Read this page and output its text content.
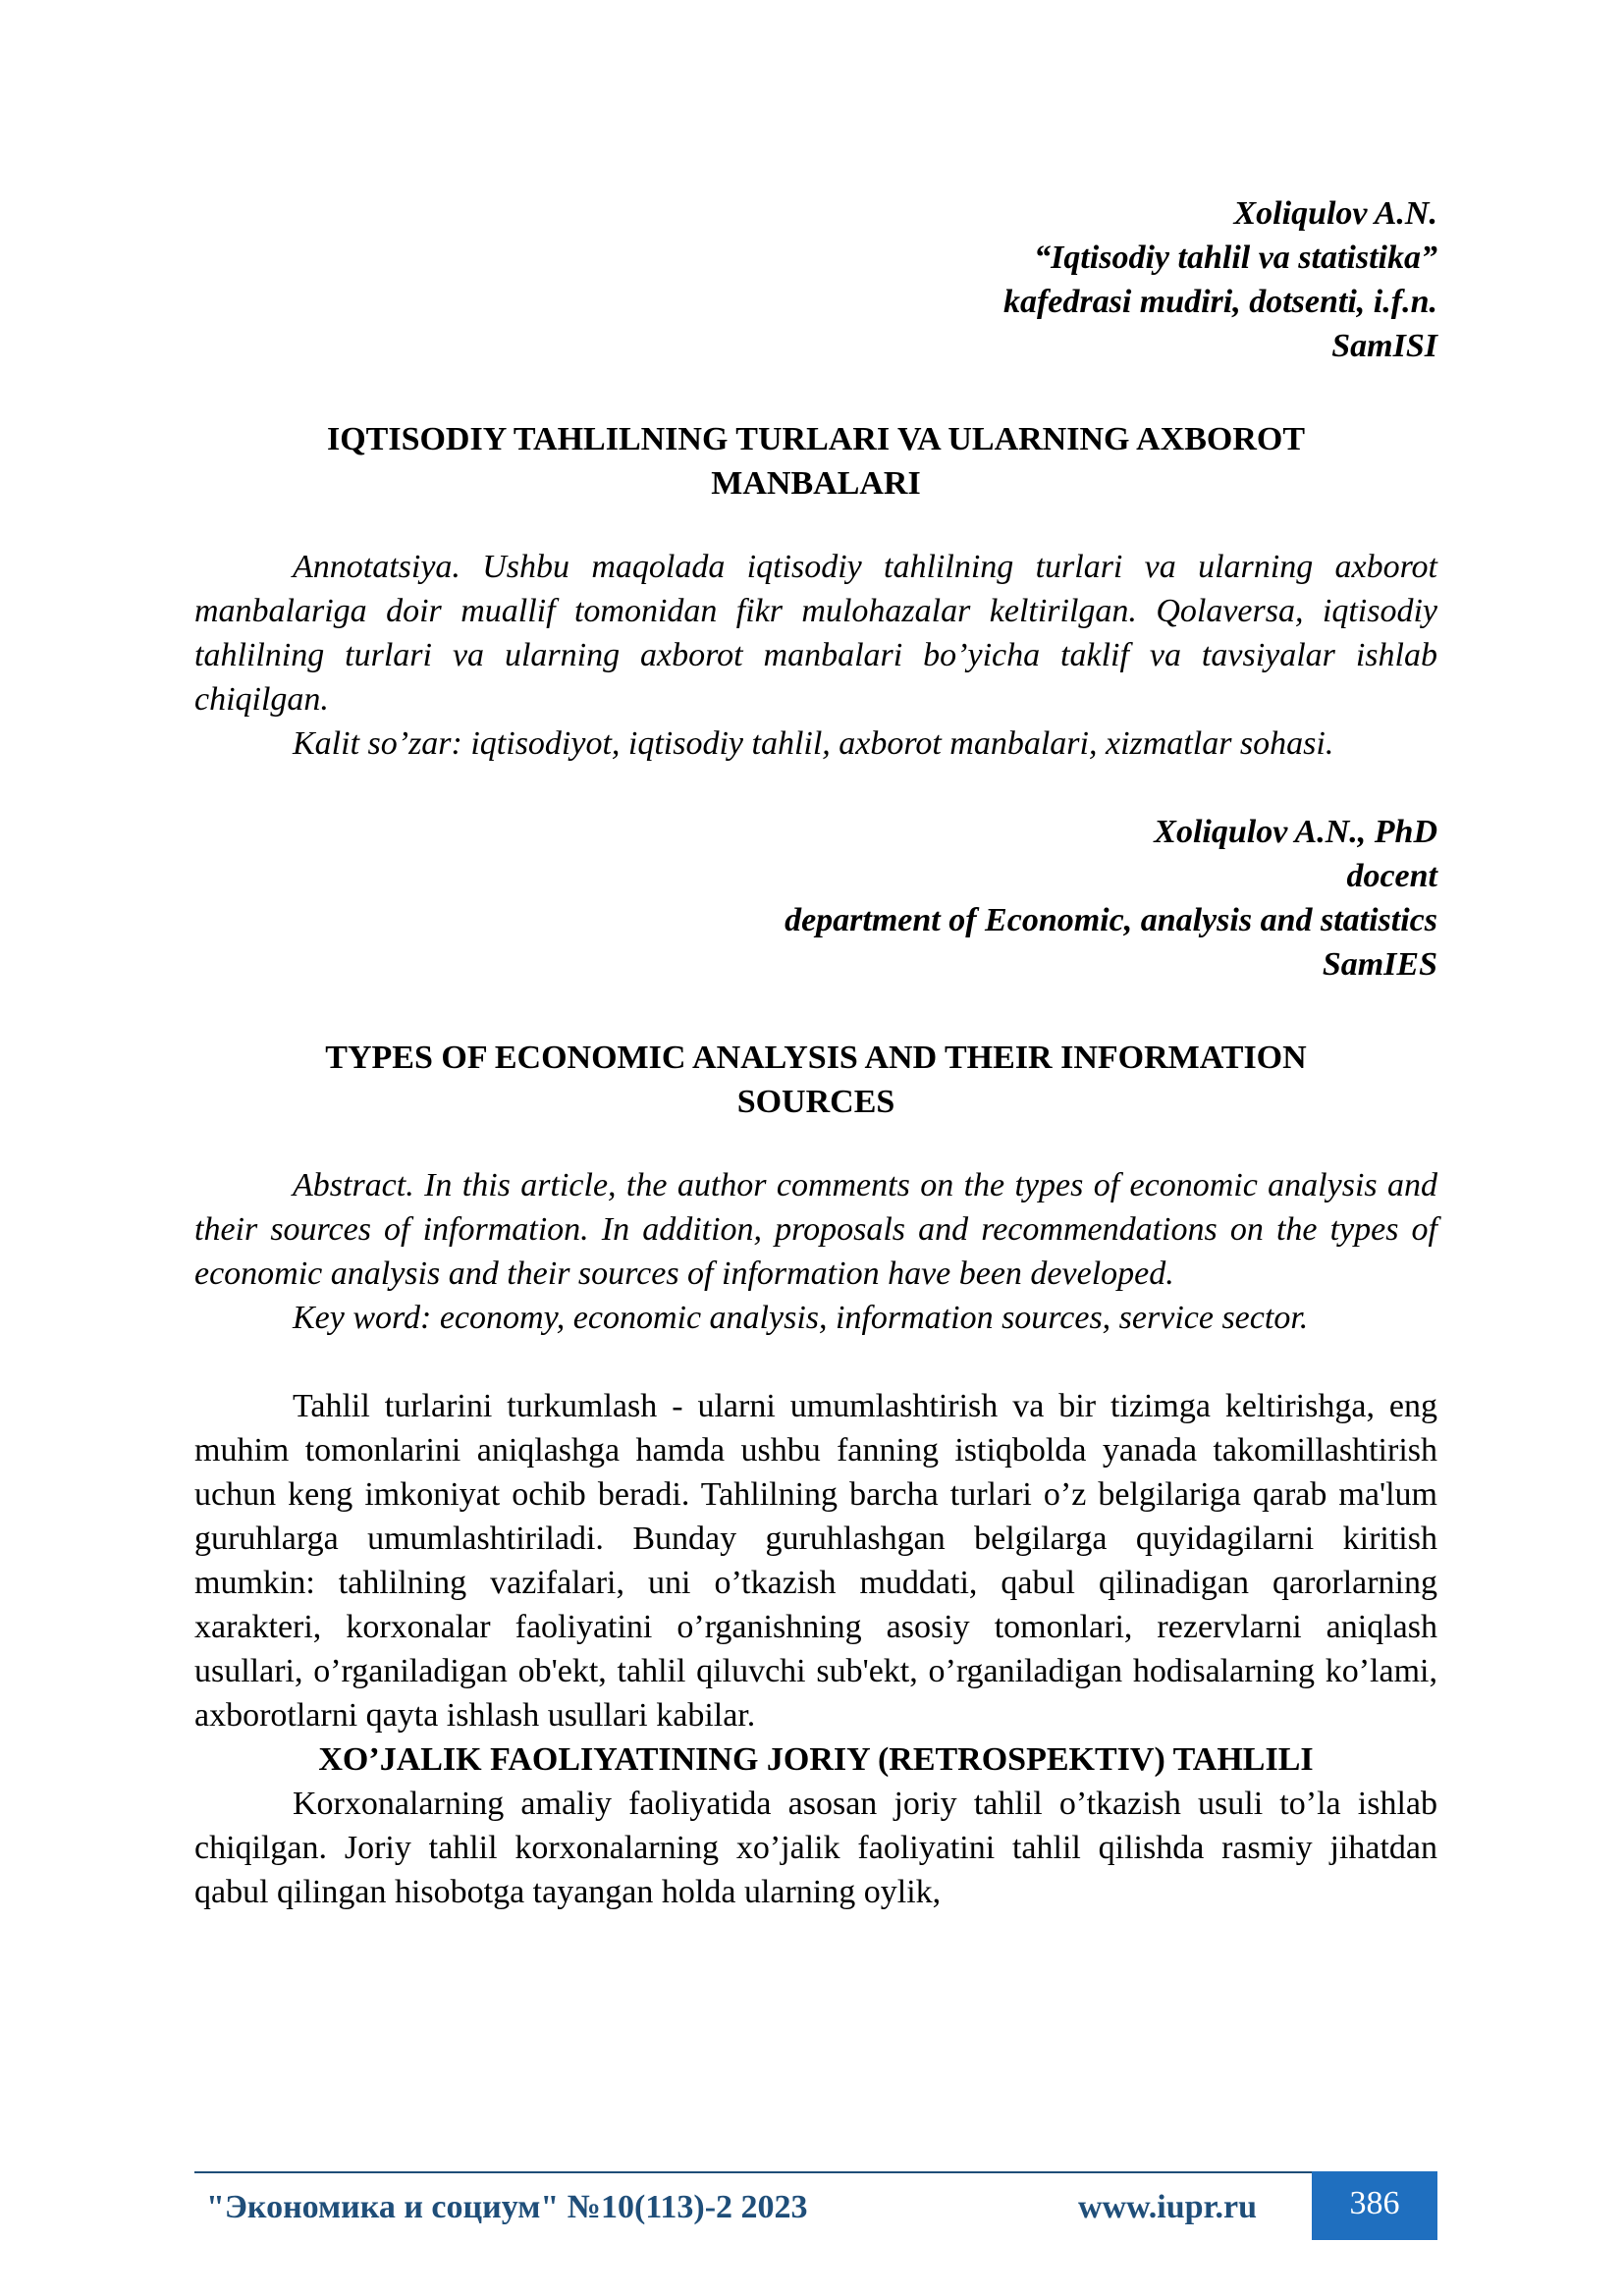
Xoliqulov A.N.
“Iqtisodiy tahlil va statistika”
kafedrasi mudiri, dotsenti, i.f.n.
SamISI
IQTISODIY TAHLILNING TURLARI VA ULARNING AXBOROT
MANBALARI

Annotatsiya. Ushbu maqolada iqtisodiy tahlilning turlari va ularning axborot manbalariga doir muallif tomonidan fikr mulohazalar keltirilgan. Qolaversa, iqtisodiy tahlilning turlari va ularning axborot manbalari bo’yicha taklif va tavsiyalar ishlab chiqilgan.

Kalit so’zar: iqtisodiyot, iqtisodiy tahlil, axborot manbalari, xizmatlar sohasi.

Xoliqulov A.N., PhD
docent
department of Economic, analysis and statistics
SamIES
TYPES OF ECONOMIC ANALYSIS AND THEIR INFORMATION
SOURCES

Abstract. In this article, the author comments on the types of economic analysis and their sources of information. In addition, proposals and recommendations on the types of economic analysis and their sources of information have been developed.

Key word: economy, economic analysis, information sources, service sector.

Tahlil turlarini turkumlash - ularni umumlashtirish va bir tizimga keltirishga, eng muhim tomonlarini aniqlashga hamda ushbu fanning istiqbolda yanada takomillashtirish uchun keng imkoniyat ochib beradi. Tahlilning barcha turlari o’z belgilariga qarab ma'lum guruhlarga umumlashtiriladi. Bunday guruhlashgan belgilarga quyidagilarni kiritish mumkin: tahlilning vazifalari, uni o’tkazish muddati, qabul qilinadigan qarorlarning xarakteri, korxonalar faoliyatini o’rganishning asosiy tomonlari, rezervlarni aniqlash usullari, o’rganiladigan ob'ekt, tahlil qiluvchi sub'ekt, o’rganiladigan hodisalarning ko’lami, axborotlarni qayta ishlash usullari kabilar.

XO’JALIK FAOLIYATINING JORIY (RETROSPEKTIV) TAHLILI

Korxonalarning amaliy faoliyatida asosan joriy tahlil o’tkazish usuli to’la ishlab chiqilgan. Joriy tahlil korxonalarning xo’jalik faoliyatini tahlil qilishda rasmiy jihatdan qabul qilingan hisobotga tayangan holda ularning oylik,

"Экономика и социум" №10(113)-2 2023	www.iupr.ru	386
